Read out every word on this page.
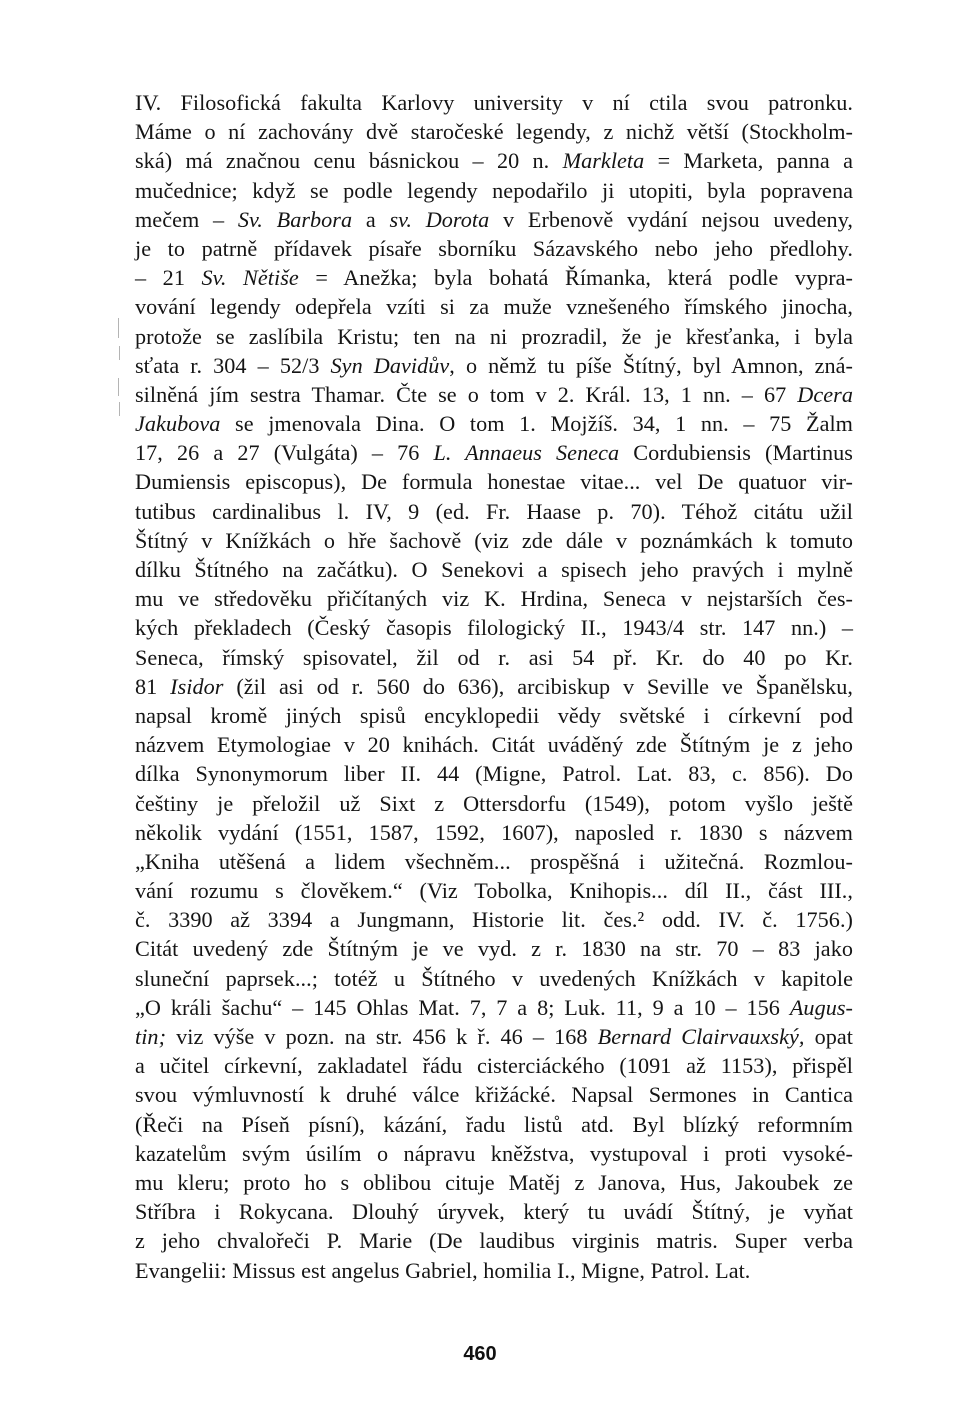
IV. Filosofická fakulta Karlovy university v ní ctila svou patronku.
Máme o ní zachovány dvě staročeské legendy, z nichž větší (Stockholm-
ská) má značnou cenu básnickou – 20 n. Markleta = Marketa, panna a
mučednice; když se podle legendy nepodařilo ji utopiti, byla popravena
mečem – Sv. Barbora a sv. Dorota v Erbenově vydání nejsou uvedeny,
je to patrně přídavek písaře sborníku Sázavského nebo jeho předlohy.
– 21 Sv. Nětiše = Anežka; byla bohatá Římanka, která podle vypra-
vování legendy odepřela vzíti si za muže vznešeného římského jinocha,
protože se zaslíbila Kristu; ten na ni prozradil, že je křesťanka, i byla
sťata r. 304 – 52/3 Syn Davidův, o němž tu píše Štítný, byl Amnon, zná-
silněná jím sestra Thamar. Čte se o tom v 2. Král. 13, 1 nn. – 67 Dcera
Jakubova se jmenovala Dina. O tom 1. Mojžíš. 34, 1 nn. – 75 Žalm
17, 26 a 27 (Vulgáta) – 76 L. Annaeus Seneca Cordubiensis (Martinus
Dumiensis episcopus), De formula honestae vitae... vel De quatuor vir-
tutibus cardinalibus l. IV, 9 (ed. Fr. Haase p. 70). Téhož citátu užil
Štítný v Knížkách o hře šachově (viz zde dále v poznámkách k tomuto
dílku Štítného na začátku). O Senekovi a spisech jeho pravých i mylně
mu ve středověku přičítaných viz K. Hrdina, Seneca v nejstarších čes-
kých překladech (Český časopis filologický II., 1943/4 str. 147 nn.) –
Seneca, římský spisovatel, žil od r. asi 54 př. Kr. do 40 po Kr.
81 Isidor (žil asi od r. 560 do 636), arcibiskup v Seville ve Španělsku,
napsal kromě jiných spisů encyklopedii vědy světské i církevní pod
názvem Etymologiae v 20 knihách. Citát uváděný zde Štítným je z jeho
dílka Synonymorum liber II. 44 (Migne, Patrol. Lat. 83, c. 856). Do
češtiny je přeložil už Sixt z Ottersdorfu (1549), potom vyšlo ještě
několik vydání (1551, 1587, 1592, 1607), naposled r. 1830 s názvem
„Kniha utěšená a lidem všechněm... prospěšná i užitečná. Rozmlou-
vání rozumu s člověkem.“ (Viz Tobolka, Knihopis... díl II., část III.,
č. 3390 až 3394 a Jungmann, Historie lit. čes.² odd. IV. č. 1756.)
Citát uvedený zde Štítným je ve vyd. z r. 1830 na str. 70 – 83 jako
sluneční paprsek...; totéž u Štítného v uvedených Knížkách v kapitole
„O králi šachu“ – 145 Ohlas Mat. 7, 7 a 8; Luk. 11, 9 a 10 – 156 Augus-
tin; viz výše v pozn. na str. 456 k ř. 46 – 168 Bernard Clairvauxský, opat
a učitel církevní, zakladatel řádu cisterciáckého (1091 až 1153), přispěl
svou výmluvností k druhé válce křižácké. Napsal Sermones in Cantica
(Řeči na Píseň písní), kázání, řadu listů atd. Byl blízký reformním
kazatelům svým úsilím o nápravu kněžstva, vystupoval i proti vysoké-
mu kleru; proto ho s oblibou cituje Matěj z Janova, Hus, Jakoubek ze
Stříbra i Rokycana. Dlouhý úryvek, který tu uvádí Štítný, je vyňat
z jeho chvalořeči P. Marie (De laudibus virginis matris. Super verba
Evangelii: Missus est angelus Gabriel, homilia I., Migne, Patrol. Lat.
460
